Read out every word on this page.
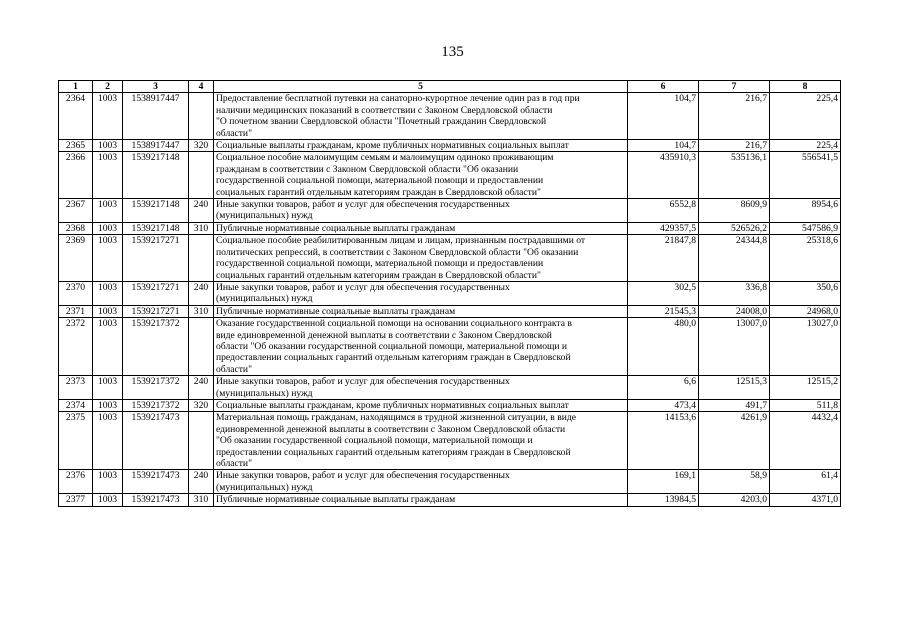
135
1	2	3	4	5	6	7	8
2364	1003	1538917447		Предоставление бесплатной путевки на санаторно-курортное лечение один раз в год при
наличии медицинских показаний в соответствии с Законом Свердловской области
"О почетном звании Свердловской области "Почетный гражданин Свердловской
области"	104,7	216,7	225,4
2365	1003	1538917447	320	Социальные выплаты гражданам, кроме публичных нормативных социальных выплат	104,7	216,7	225,4
2366	1003	1539217148		Социальное пособие малоимущим семьям и малоимущим одиноко проживающим
гражданам в соответствии с Законом Свердловской области "Об оказании
государственной социальной помощи, материальной помощи и предоставлении
социальных гарантий отдельным категориям граждан в Свердловской области"	435910,3	535136,1	556541,5
2367	1003	1539217148	240	Иные закупки товаров, работ и услуг для обеспечения государственных
(муниципальных) нужд	6552,8	8609,9	8954,6
2368	1003	1539217148	310	Публичные нормативные социальные выплаты гражданам	429357,5	526526,2	547586,9
2369	1003	1539217271		Социальное пособие реабилитированным лицам и лицам, признанным пострадавшими от
политических репрессий, в соответствии с Законом Свердловской области "Об оказании
государственной социальной помощи, материальной помощи и предоставлении
социальных гарантий отдельным категориям граждан в Свердловской области"	21847,8	24344,8	25318,6
2370	1003	1539217271	240	Иные закупки товаров, работ и услуг для обеспечения государственных
(муниципальных) нужд	302,5	336,8	350,6
2371	1003	1539217271	310	Публичные нормативные социальные выплаты гражданам	21545,3	24008,0	24968,0
2372	1003	1539217372		Оказание государственной социальной помощи на основании социального контракта в
виде единовременной денежной выплаты в соответствии с Законом Свердловской
области "Об оказании государственной социальной помощи, материальной помощи и
предоставлении социальных гарантий отдельным категориям граждан в Свердловской
области"	480,0	13007,0	13027,0
2373	1003	1539217372	240	Иные закупки товаров, работ и услуг для обеспечения государственных
(муниципальных) нужд	6,6	12515,3	12515,2
2374	1003	1539217372	320	Социальные выплаты гражданам, кроме публичных нормативных социальных выплат	473,4	491,7	511,8
2375	1003	1539217473		Материальная помощь гражданам, находящимся в трудной жизненной ситуации, в виде
единовременной денежной выплаты в соответствии с Законом Свердловской области
"Об оказании государственной социальной помощи, материальной помощи и
предоставлении социальных гарантий отдельным категориям граждан в Свердловской
области"	14153,6	4261,9	4432,4
2376	1003	1539217473	240	Иные закупки товаров, работ и услуг для обеспечения государственных
(муниципальных) нужд	169,1	58,9	61,4
2377	1003	1539217473	310	Публичные нормативные социальные выплаты гражданам	13984,5	4203,0	4371,0
